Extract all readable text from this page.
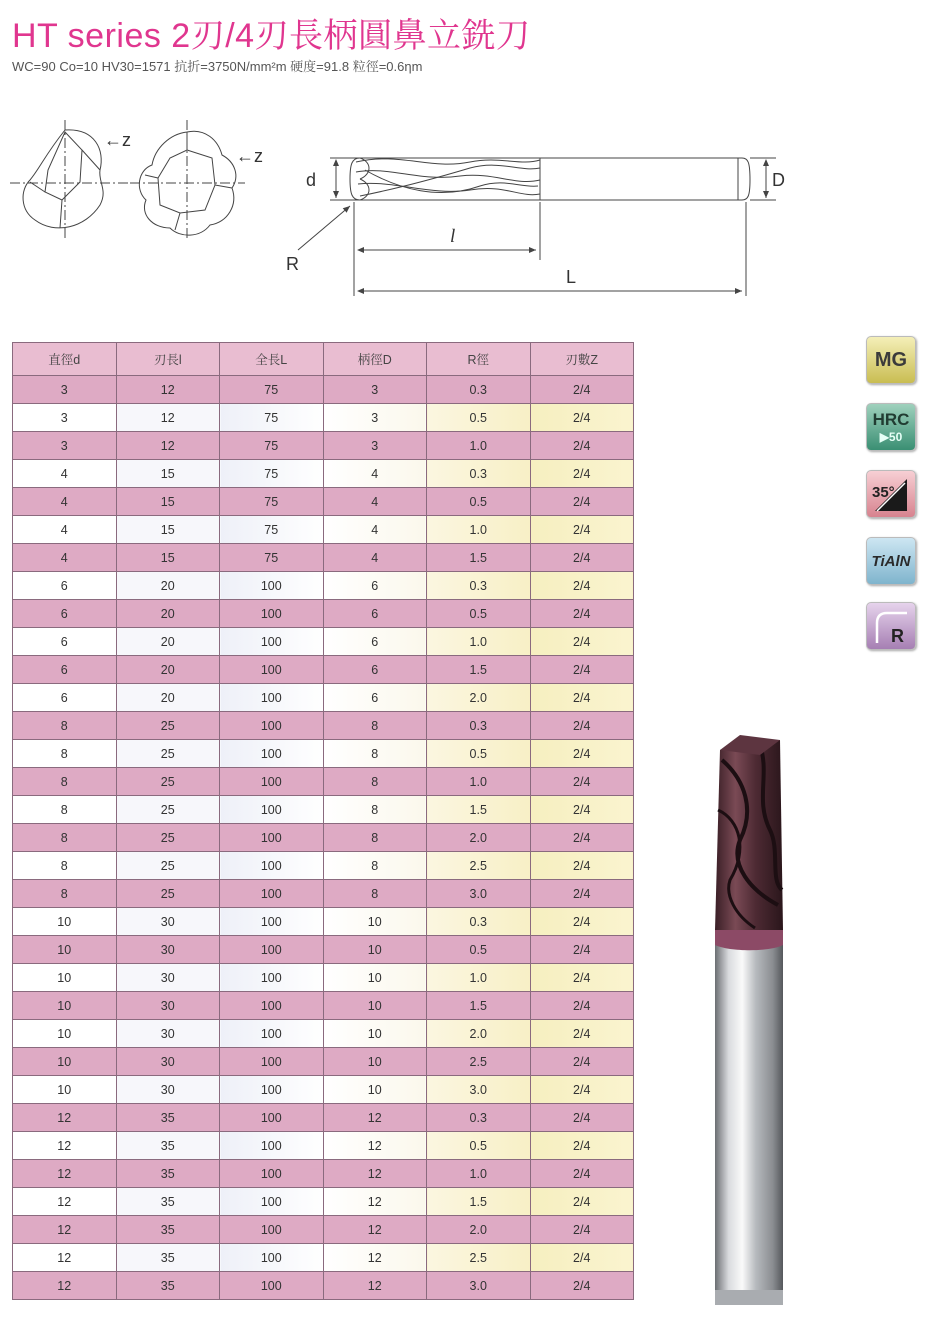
HT series 2刃/4刃長柄圓鼻立銑刀
WC=90 Co=10 HV30=1571 抗折=3750N/mm²m 硬度=91.8 粒徑=0.6ηm
←z
←z
d	D
R
l
L
直徑d	刃長l	全長L	柄徑D	R徑	刃數Z
3	12	75	3	0.3	2/4
3	12	75	3	0.5	2/4
3	12	75	3	1.0	2/4
4	15	75	4	0.3	2/4
4	15	75	4	0.5	2/4
4	15	75	4	1.0	2/4
4	15	75	4	1.5	2/4
6	20	100	6	0.3	2/4
6	20	100	6	0.5	2/4
6	20	100	6	1.0	2/4
6	20	100	6	1.5	2/4
6	20	100	6	2.0	2/4
8	25	100	8	0.3	2/4
8	25	100	8	0.5	2/4
8	25	100	8	1.0	2/4
8	25	100	8	1.5	2/4
8	25	100	8	2.0	2/4
8	25	100	8	2.5	2/4
8	25	100	8	3.0	2/4
10	30	100	10	0.3	2/4
10	30	100	10	0.5	2/4
10	30	100	10	1.0	2/4
10	30	100	10	1.5	2/4
10	30	100	10	2.0	2/4
10	30	100	10	2.5	2/4
10	30	100	10	3.0	2/4
12	35	100	12	0.3	2/4
12	35	100	12	0.5	2/4
12	35	100	12	1.0	2/4
12	35	100	12	1.5	2/4
12	35	100	12	2.0	2/4
12	35	100	12	2.5	2/4
12	35	100	12	3.0	2/4
MG
HRC
▶50
35°
TiAlN
R
